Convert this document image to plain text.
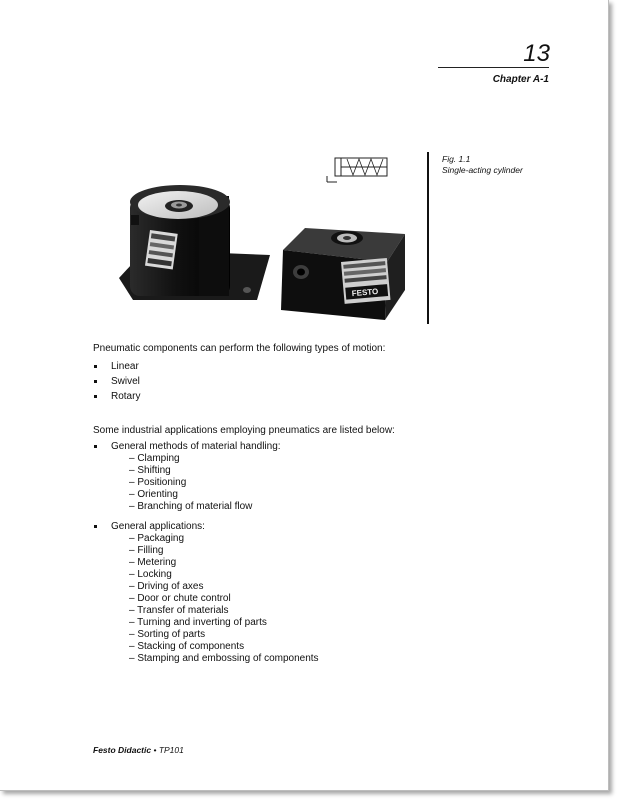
13
Chapter A-1
FESTO
Fig. 1.1
Single-acting cylinder
Pneumatic components can perform the following types of motion:
Linear
Swivel
Rotary
Some industrial applications employing pneumatics are listed below:
General methods of material handling:
– Clamping
– Shifting
– Positioning
– Orienting
– Branching of material flow
General applications:
– Packaging
– Filling
– Metering
– Locking
– Driving of axes
– Door or chute control
– Transfer of materials
– Turning and inverting of parts
– Sorting of parts
– Stacking of components
– Stamping and embossing of components
Festo Didactic • TP101
